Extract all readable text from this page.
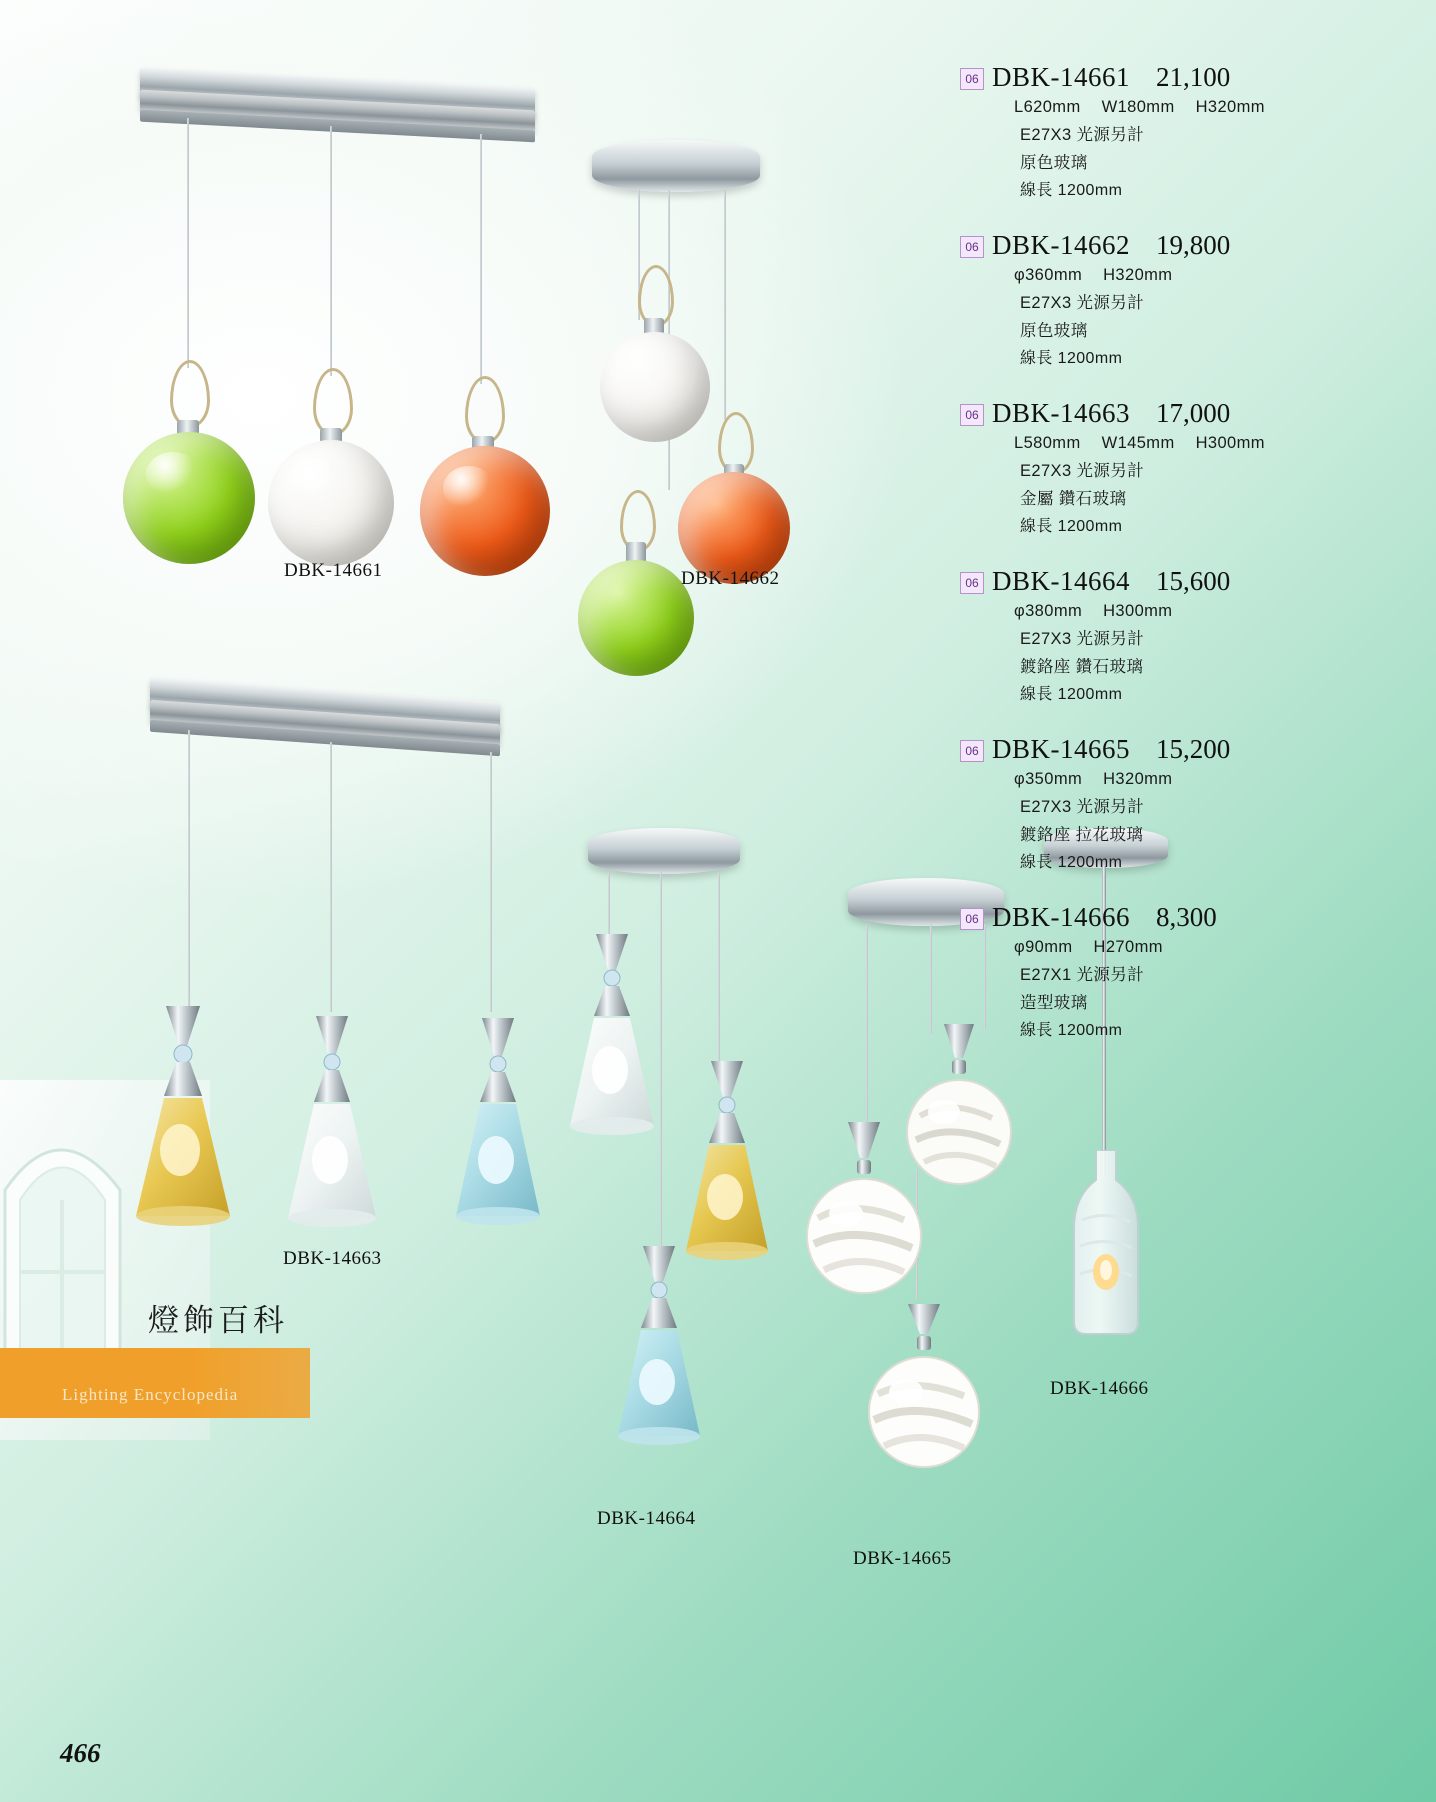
DBK-14661	DBK-14662
DBK-14663
DBK-14664
DBK-14665
DBK-14666
06 DBK-14661 21,100
L620mm W180mm H320mm
E27X3 光源另計
原色玻璃
線長 1200mm
06 DBK-14662 19,800
φ360mm H320mm
E27X3 光源另計
原色玻璃
線長 1200mm
06 DBK-14663 17,000
L580mm W145mm H300mm
E27X3 光源另計
金屬 鑽石玻璃
線長 1200mm
06 DBK-14664 15,600
φ380mm H300mm
E27X3 光源另計
鍍鉻座 鑽石玻璃
線長 1200mm
06 DBK-14665 15,200
φ350mm H320mm
E27X3 光源另計
鍍鉻座 拉花玻璃
線長 1200mm
06 DBK-14666 8,300
φ90mm H270mm
E27X1 光源另計
造型玻璃
線長 1200mm
燈飾百科
Lighting Encyclopedia
466
